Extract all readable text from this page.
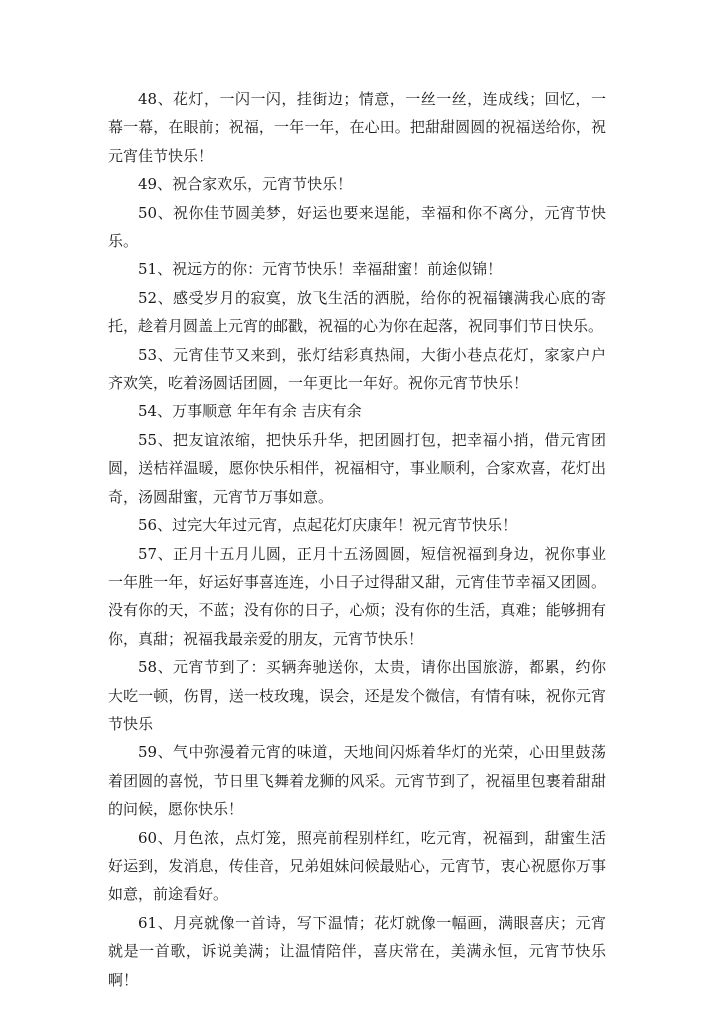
48、花灯，一闪一闪，挂街边；情意，一丝一丝，连成线；回忆，一幕一幕，在眼前；祝福，一年一年，在心田。把甜甜圆圆的祝福送给你，祝元宵佳节快乐！

49、祝合家欢乐，元宵节快乐！

50、祝你佳节圆美梦，好运也要来逞能，幸福和你不离分，元宵节快乐。

51、祝远方的你：元宵节快乐！幸福甜蜜！前途似锦！

52、感受岁月的寂寞，放飞生活的洒脱，给你的祝福镶满我心底的寄托，趁着月圆盖上元宵的邮戳，祝福的心为你在起落，祝同事们节日快乐。

53、元宵佳节又来到，张灯结彩真热闹，大街小巷点花灯，家家户户齐欢笑，吃着汤圆话团圆，一年更比一年好。祝你元宵节快乐！

54、万事顺意 年年有余 吉庆有余

55、把友谊浓缩，把快乐升华，把团圆打包，把幸福小捎，借元宵团圆，送桔祥温暖，愿你快乐相伴，祝福相守，事业顺利，合家欢喜，花灯出奇，汤圆甜蜜，元宵节万事如意。

56、过完大年过元宵，点起花灯庆康年！祝元宵节快乐！

57、正月十五月儿圆，正月十五汤圆圆，短信祝福到身边，祝你事业一年胜一年，好运好事喜连连，小日子过得甜又甜，元宵佳节幸福又团圆。没有你的天，不蓝；没有你的日子，心烦；没有你的生活，真难；能够拥有你，真甜；祝福我最亲爱的朋友，元宵节快乐！

58、元宵节到了：买辆奔驰送你，太贵，请你出国旅游，都累，约你大吃一顿，伤胃，送一枝玫瑰，误会，还是发个微信，有情有味，祝你元宵节快乐

59、气中弥漫着元宵的味道，天地间闪烁着华灯的光荣，心田里鼓荡着团圆的喜悦，节日里飞舞着龙狮的风采。元宵节到了，祝福里包裹着甜甜的问候，愿你快乐！

60、月色浓，点灯笼，照亮前程别样红，吃元宵，祝福到，甜蜜生活好运到，发消息，传佳音，兄弟姐妹问候最贴心，元宵节，衷心祝愿你万事如意，前途看好。

61、月亮就像一首诗，写下温情；花灯就像一幅画，满眼喜庆；元宵就是一首歌，诉说美满；让温情陪伴，喜庆常在，美满永恒，元宵节快乐啊！
